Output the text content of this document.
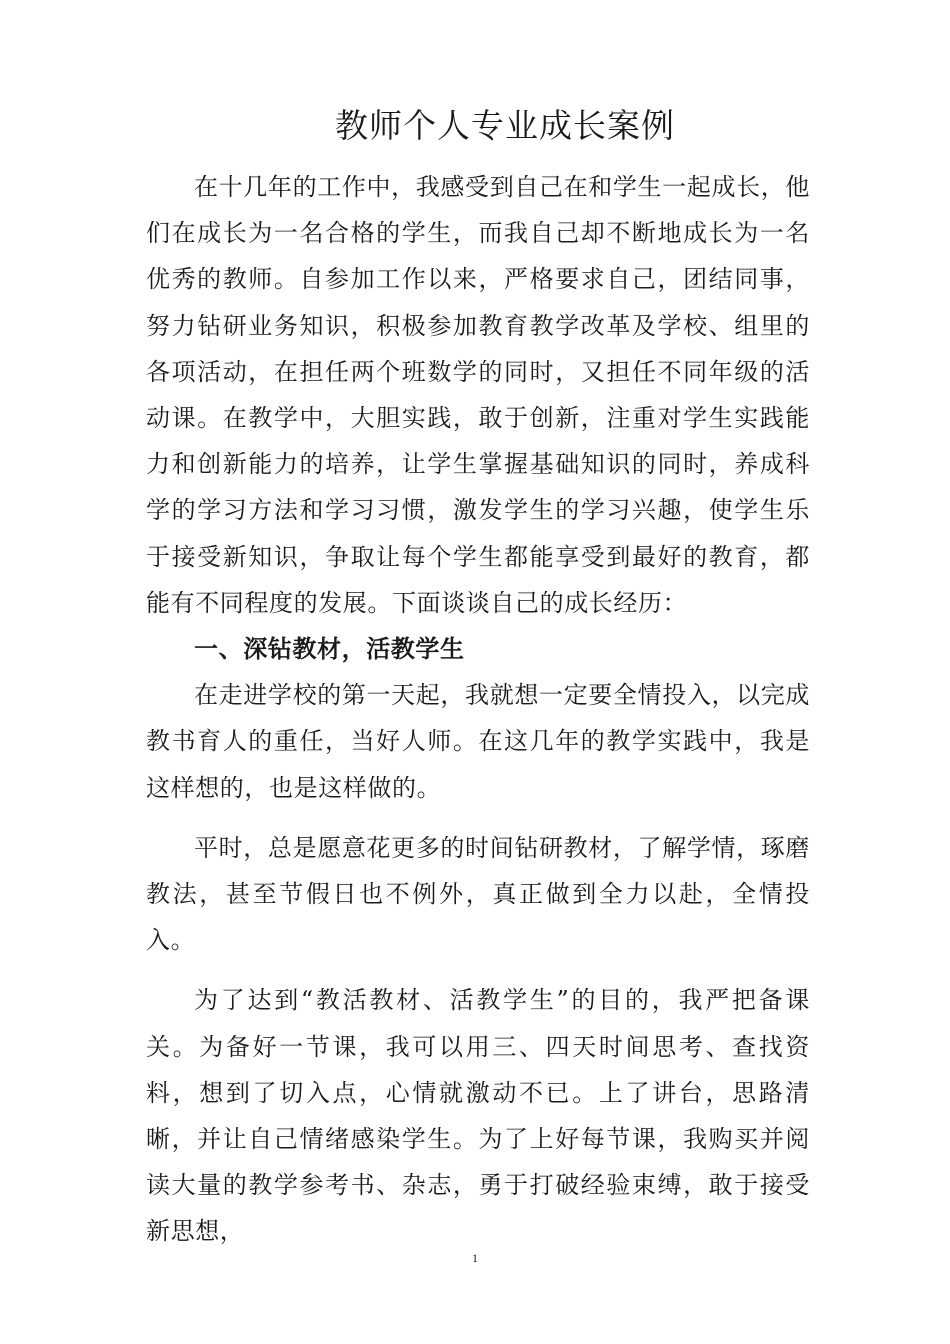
教师个人专业成长案例

在十几年的工作中，我感受到自己在和学生一起成长，他们在成长为一名合格的学生，而我自己却不断地成长为一名优秀的教师。自参加工作以来，严格要求自己，团结同事，努力钻研业务知识，积极参加教育教学改革及学校、组里的各项活动，在担任两个班数学的同时，又担任不同年级的活动课。在教学中，大胆实践，敢于创新，注重对学生实践能力和创新能力的培养，让学生掌握基础知识的同时，养成科学的学习方法和学习习惯，激发学生的学习兴趣，使学生乐于接受新知识，争取让每个学生都能享受到最好的教育，都能有不同程度的发展。下面谈谈自己的成长经历：

一、深钻教材，活教学生

在走进学校的第一天起，我就想一定要全情投入，以完成教书育人的重任，当好人师。在这几年的教学实践中，我是这样想的，也是这样做的。

平时，总是愿意花更多的时间钻研教材，了解学情，琢磨教法，甚至节假日也不例外，真正做到全力以赴，全情投入。

为了达到“教活教材、活教学生”的目的，我严把备课关。为备好一节课，我可以用三、四天时间思考、查找资料，想到了切入点，心情就激动不已。上了讲台，思路清晰，并让自己情绪感染学生。为了上好每节课，我购买并阅读大量的教学参考书、杂志，勇于打破经验束缚，敢于接受新思想，

1
